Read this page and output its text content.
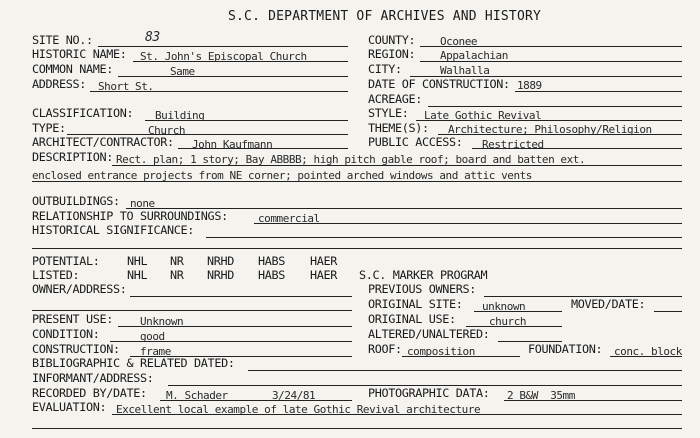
S.C. DEPARTMENT OF ARCHIVES AND HISTORY
SITE NO.:	83	COUNTY: Oconee
HISTORIC NAME: St. John's Episcopal Church	REGION: Appalachian
COMMON NAME:	Same	CITY:	Walhalla
ADDRESS: Short St.	DATE OF CONSTRUCTION: 1889
ACREAGE:
CLASSIFICATION: Building	STYLE: Late Gothic Revival
TYPE:	Church	THEME(S): Architecture; Philosophy/Religion
ARCHITECT/CONTRACTOR: John Kaufmann	PUBLIC ACCESS: Restricted
DESCRIPTION: Rect. plan; 1 story; Bay ABBBB; high pitch gable roof; board and batten ext.
enclosed entrance projects from NE corner; pointed arched windows and attic vents
OUTBUILDINGS: none
RELATIONSHIP TO SURROUNDINGS:	commercial
HISTORICAL SIGNIFICANCE:
POTENTIAL: NHL NR NRHD HABS HAER
LISTED:	NHL NR NRHD HABS HAER S.C. MARKER PROGRAM
OWNER/ADDRESS:	PREVIOUS OWNERS:
ORIGINAL SITE: unknown	MOVED/DATE:
PRESENT USE: Unknown	ORIGINAL USE:	church
CONDITION:	good	ALTERED/UNALTERED:
CONSTRUCTION: frame	ROOF: composition	FOUNDATION: conc. block
BIBLIOGRAPHIC & RELATED DATED:
INFORMANT/ADDRESS:
RECORDED BY/DATE: M. Schader	3/24/81	PHOTOGRAPHIC DATA: 2 B&W  35mm
EVALUATION: Excellent local example of late Gothic Revival architecture
